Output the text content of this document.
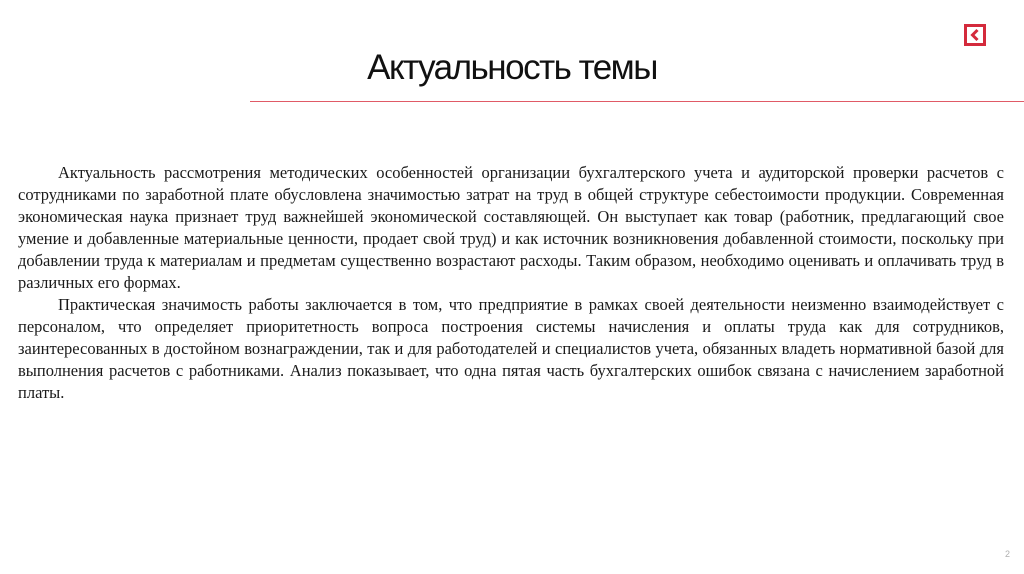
Актуальность темы

Актуальность рассмотрения методических особенностей организации бухгалтерского учета и аудиторской проверки расчетов с сотрудниками по заработной плате обусловлена значимостью затрат на труд в общей структуре себестоимости продукции. Современная экономическая наука признает труд важнейшей экономической составляющей. Он выступает как товар (работник, предлагающий свое умение и добавленные материальные ценности, продает свой труд) и как источник возникновения добавленной стоимости, поскольку при добавлении труда к материалам и предметам существенно возрастают расходы. Таким образом, необходимо оценивать и оплачивать труд в различных его формах.

Практическая значимость работы заключается в том, что предприятие в рамках своей деятельности неизменно взаимодействует с персоналом, что определяет приоритетность вопроса построения системы начисления и оплаты труда как для сотрудников, заинтересованных в достойном вознаграждении, так и для работодателей и специалистов учета, обязанных владеть нормативной базой для выполнения расчетов с работниками. Анализ показывает, что одна пятая часть бухгалтерских ошибок связана с начислением заработной платы.

2
